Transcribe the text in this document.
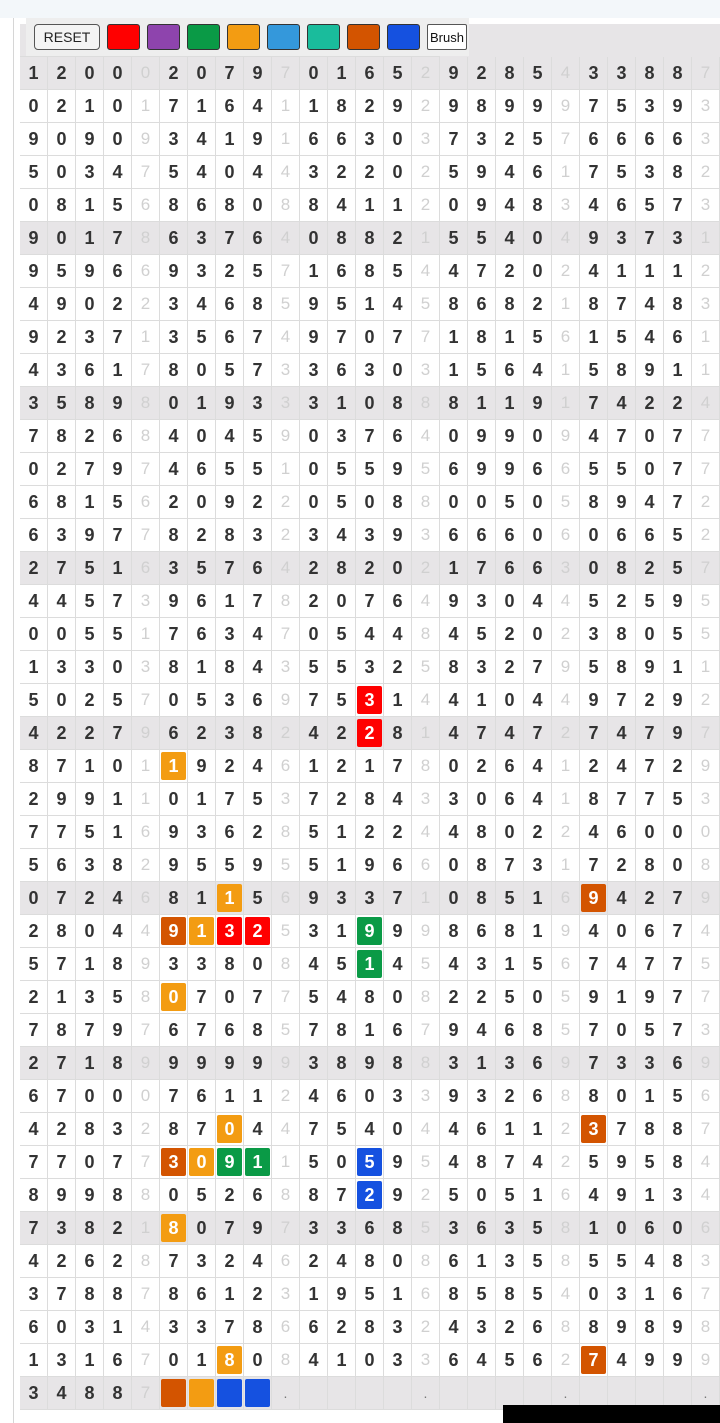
1 2 0 0	0	2 0 7 9	7	0 1 6 5	2	9 2 8 5	4	3 3 8 8	7
0 2 1 0	1	7 1 6 4	1	1 8 2 9	2	9 8 9 9	9	7 5 3 9	3
9 0 9 0	9	3 4 1 9	1	6 6 3 0	3	7 3 2 5	7	6 6 6 6	3
5 0 3 4	7	5 4 0 4	4	3 2 2 0	2	5 9 4 6	1	7 5 3 8	2
0 8 1 5	6	8 6 8 0	8	8 4 1 1	2	0 9 4 8	3	4 6 5 7	3
9 0 1 7	8	6 3 7 6	4	0 8 8 2	1	5 5 4 0	4	9 3 7 3	1
9 5 9 6	6	9 3 2 5	7	1 6 8 5	4	4 7 2 0	2	4 1 1 1	2
4 9 0 2	2	3 4 6 8	5	9 5 1 4	5	8 6 8 2	1	8 7 4 8	3
9 2 3 7	1	3 5 6 7	4	9 7 0 7	7	1 8 1 5	6	1 5 4 6	1
4 3 6 1	7	8 0 5 7	3	3 6 3 0	3	1 5 6 4	1	5 8 9 1	1
3 5 8 9	8	0 1 9 3	3	3 1 0 8	8	8 1 1 9	1	7 4 2 2	4
7 8 2 6	8	4 0 4 5	9	0 3 7 6	4	0 9 9 0	9	4 7 0 7	7
0 2 7 9	7	4 6 5 5	1	0 5 5 9	5	6 9 9 6	6	5 5 0 7	7
6 8 1 5	6	2 0 9 2	2	0 5 0 8	8	0 0 5 0	5	8 9 4 7	2
6 3 9 7	7	8 2 8 3	2	3 4 3 9	3	6 6 6 0	6	0 6 6 5	2
2 7 5 1	6	3 5 7 6	4	2 8 2 0	2	1 7 6 6	3	0 8 2 5	7
4 4 5 7	3	9 6 1 7	8	2 0 7 6	4	9 3 0 4	4	5 2 5 9	5
0 0 5 5	1	7 6 3 4	7	0 5 4 4	8	4 5 2 0	2	3 8 0 5	5
1 3 3 0	3	8 1 8 4	3	5 5 3 2	5	8 3 2 7	9	5 8 9 1	1
5 0 2 5	7	0 5 3 6	9	7 5 3 1	4	4 1 0 4	4	9 7 2 9	2
4 2 2 7	9	6 2 3 8	2	4 2 2 8	1	4 7 4 7	2	7 4 7 9	7
8 7 1 0	1	1 9 2 4	6	1 2 1 7	8	0 2 6 4	1	2 4 7 2	9
2 9 9 1	1	0 1 7 5	3	7 2 8 4	3	3 0 6 4	1	8 7 7 5	3
7 7 5 1	6	9 3 6 2	8	5 1 2 2	4	4 8 0 2	2	4 6 0 0	0
5 6 3 8	2	9 5 5 9	5	5 1 9 6	6	0 8 7 3	1	7 2 8 0	8
0 7 2 4	6	8 1 1 5	6	9 3 3 7	1	0 8 5 1	6	9 4 2 7	9
2 8 0 4	4	9 1 3 2	5	3 1 9 9	9	8 6 8 1	9	4 0 6 7	4
5 7 1 8	9	3 3 8 0	8	4 5 1 4	5	4 3 1 5	6	7 4 7 7	5
2 1 3 5	8	0 7 0 7	7	5 4 8 0	8	2 2 5 0	5	9 1 9 7	7
7 8 7 9	7	6 7 6 8	5	7 8 1 6	7	9 4 6 8	5	7 0 5 7	3
2 7 1 8	9	9 9 9 9	9	3 8 9 8	8	3 1 3 6	9	7 3 3 6	9
6 7 0 0	0	7 6 1 1	2	4 6 0 3	3	9 3 2 6	8	8 0 1 5	6
4 2 8 3	2	8 7 0 4	4	7 5 4 0	4	4 6 1 1	2	3 7 8 8	7
7 7 0 7	7	3 0 9 1	1	5 0 5 9	5	4 8 7 4	2	5 9 5 8	4
8 9 9 8	8	0 5 2 6	8	8 7 2 9	2	5 0 5 1	6	4 9 1 3	4
7 3 8 2	1	8 0 7 9	7	3 3 6 8	5	3 6 3 5	8	1 0 6 0	6
4 2 6 2	8	7 3 2 4	6	2 4 8 0	8	6 1 3 5	8	5 5 4 8	3
3 7 8 8	7	8 6 1 2	3	1 9 5 1	6	8 5 8 5	4	0 3 1 6	7
6 0 3 1	4	3 3 7 8	6	6 2 8 3	2	4 3 2 6	8	8 9 8 9	8
1 3 1 6	7	0 1 8 0	8	4 1 0 3	3	6 4 5 6	2	7 4 9 9	9
3 4 8 8	7	.	.	.	.
RESET	Brush
